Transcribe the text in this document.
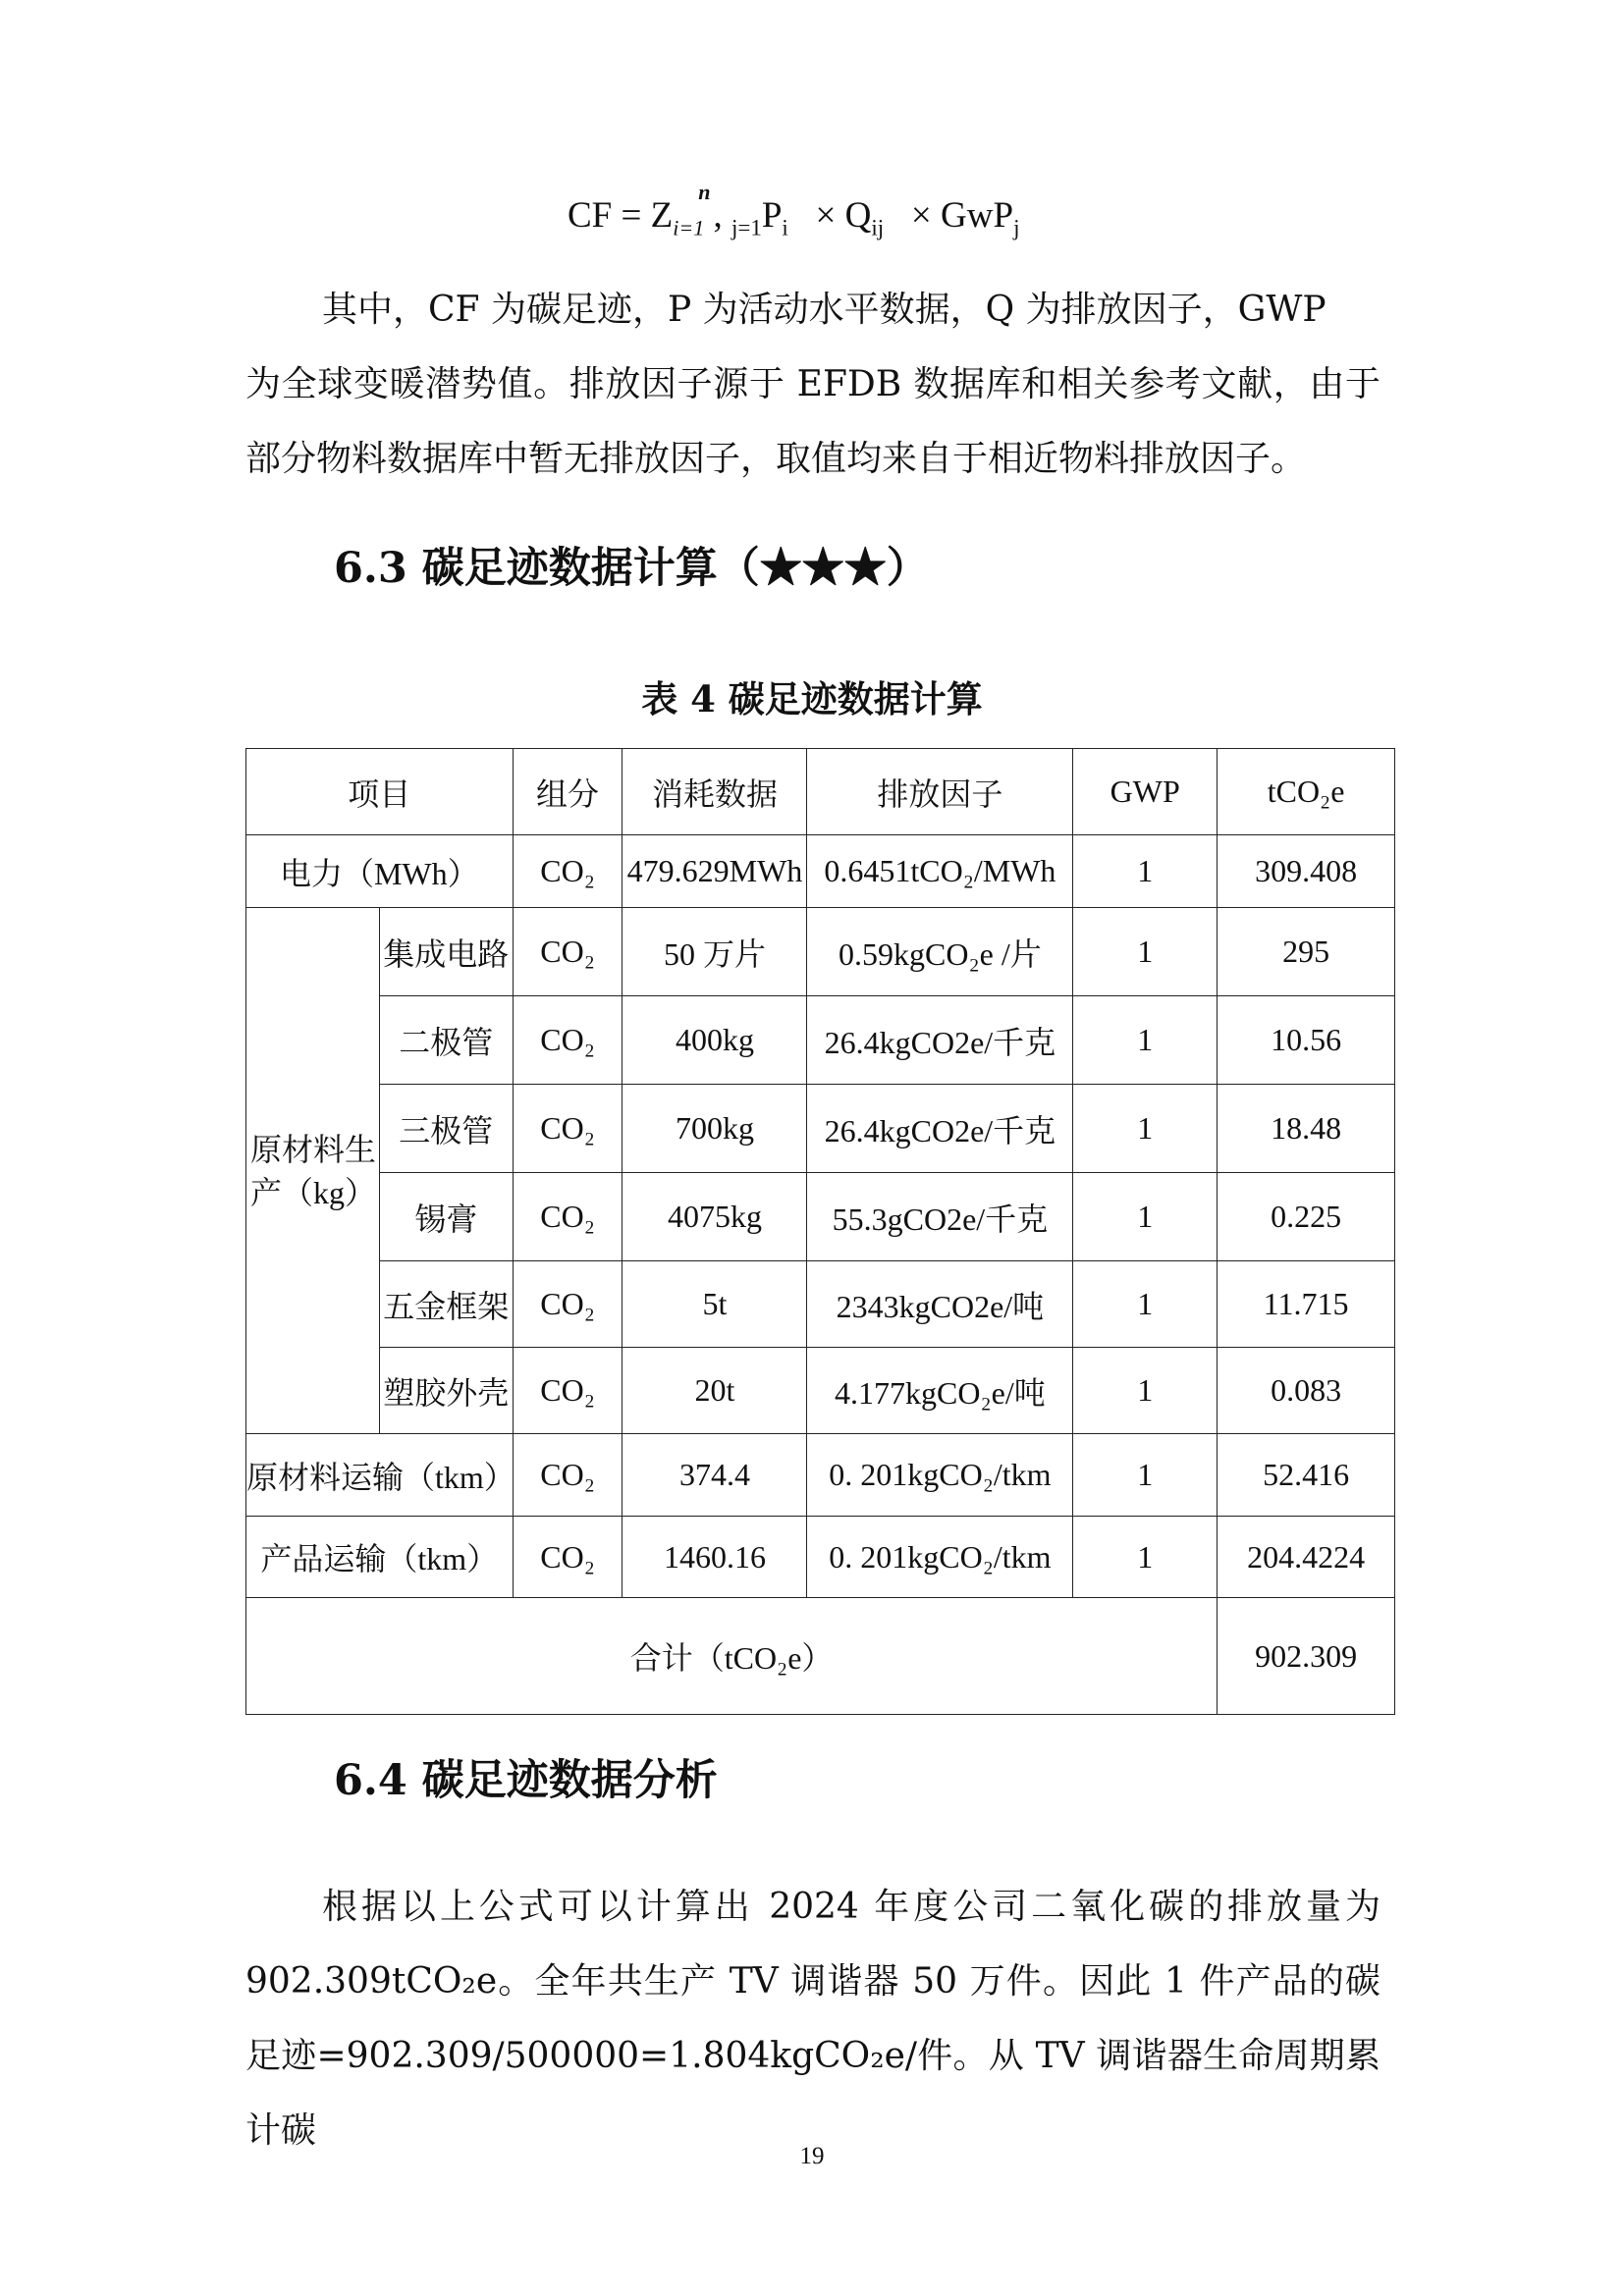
CF = Z
n
$_{i=1}$ , $_{j=1}P_i \times Q_{ij} \times GwP_j$
其中，CF 为碳足迹，P 为活动水平数据，Q 为排放因子，GWP
为全球变暖潜势值。排放因子源于 EFDB 数据库和相关参考文献，由于部分物料数据库中暂无排放因子，取值均来自于相近物料排放因子。
6.3 碳足迹数据计算（★★★）
表 4 碳足迹数据计算
项目		组分	消耗数据	排放因子	GWP	tCO₂e
电力（MWh）		CO₂	479.629MWh	0.6451tCO₂/MWh	1	309.408
原材料生产（kg）	集成电路	CO₂	50 万片	0.59kgCO₂e /片	1	295
	二极管	CO₂	400kg	26.4kgCO2e/千克	1	10.56
	三极管	CO₂	700kg	26.4kgCO2e/千克	1	18.48
	锡膏	CO₂	4075kg	55.3gCO2e/千克	1	0.225
	五金框架	CO₂	5t	2343kgCO2e/吨	1	11.715
	塑胶外壳	CO₂	20t	4.177kgCO₂e/吨	1	0.083
原材料运输（tkm）		CO₂	374.4	0. 201kgCO₂/tkm	1	52.416
产品运输（tkm）		CO₂	1460.16	0. 201kgCO₂/tkm	1	204.4224
合计（tCO₂e）						902.309
6.4 碳足迹数据分析
根据以上公式可以计算出 2024 年度公司二氧化碳的排放量为902.309tCO₂e。全年共生产 TV 调谐器 50 万件。因此 1 件产品的碳足迹=902.309/500000=1.804kgCO₂e/件。从 TV 调谐器生命周期累计碳
19
